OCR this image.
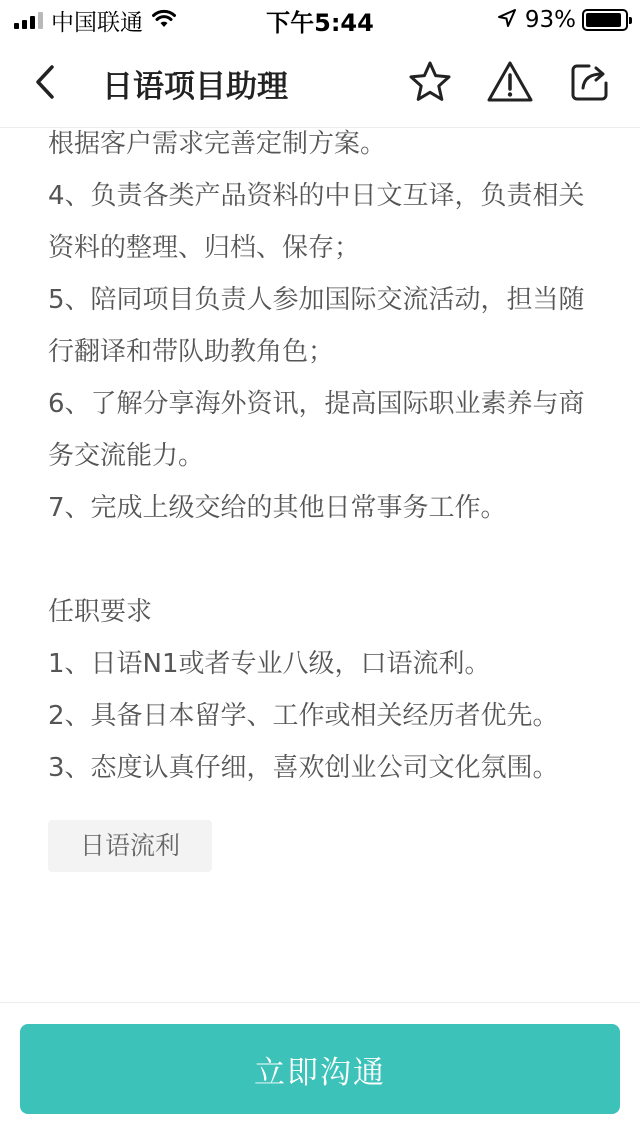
中国联通	下午5:44	93%
日语项目助理

根据客户需求完善定制方案。

4、负责各类产品资料的中日文互译，负责相关资料的整理、归档、保存；

5、陪同项目负责人参加国际交流活动，担当随行翻译和带队助教角色；

6、了解分享海外资讯，提高国际职业素养与商务交流能力。

7、完成上级交给的其他日常事务工作。

任职要求

1、日语N1或者专业八级，口语流利。

2、具备日本留学、工作或相关经历者优先。

3、态度认真仔细，喜欢创业公司文化氛围。

日语流利
立即沟通
